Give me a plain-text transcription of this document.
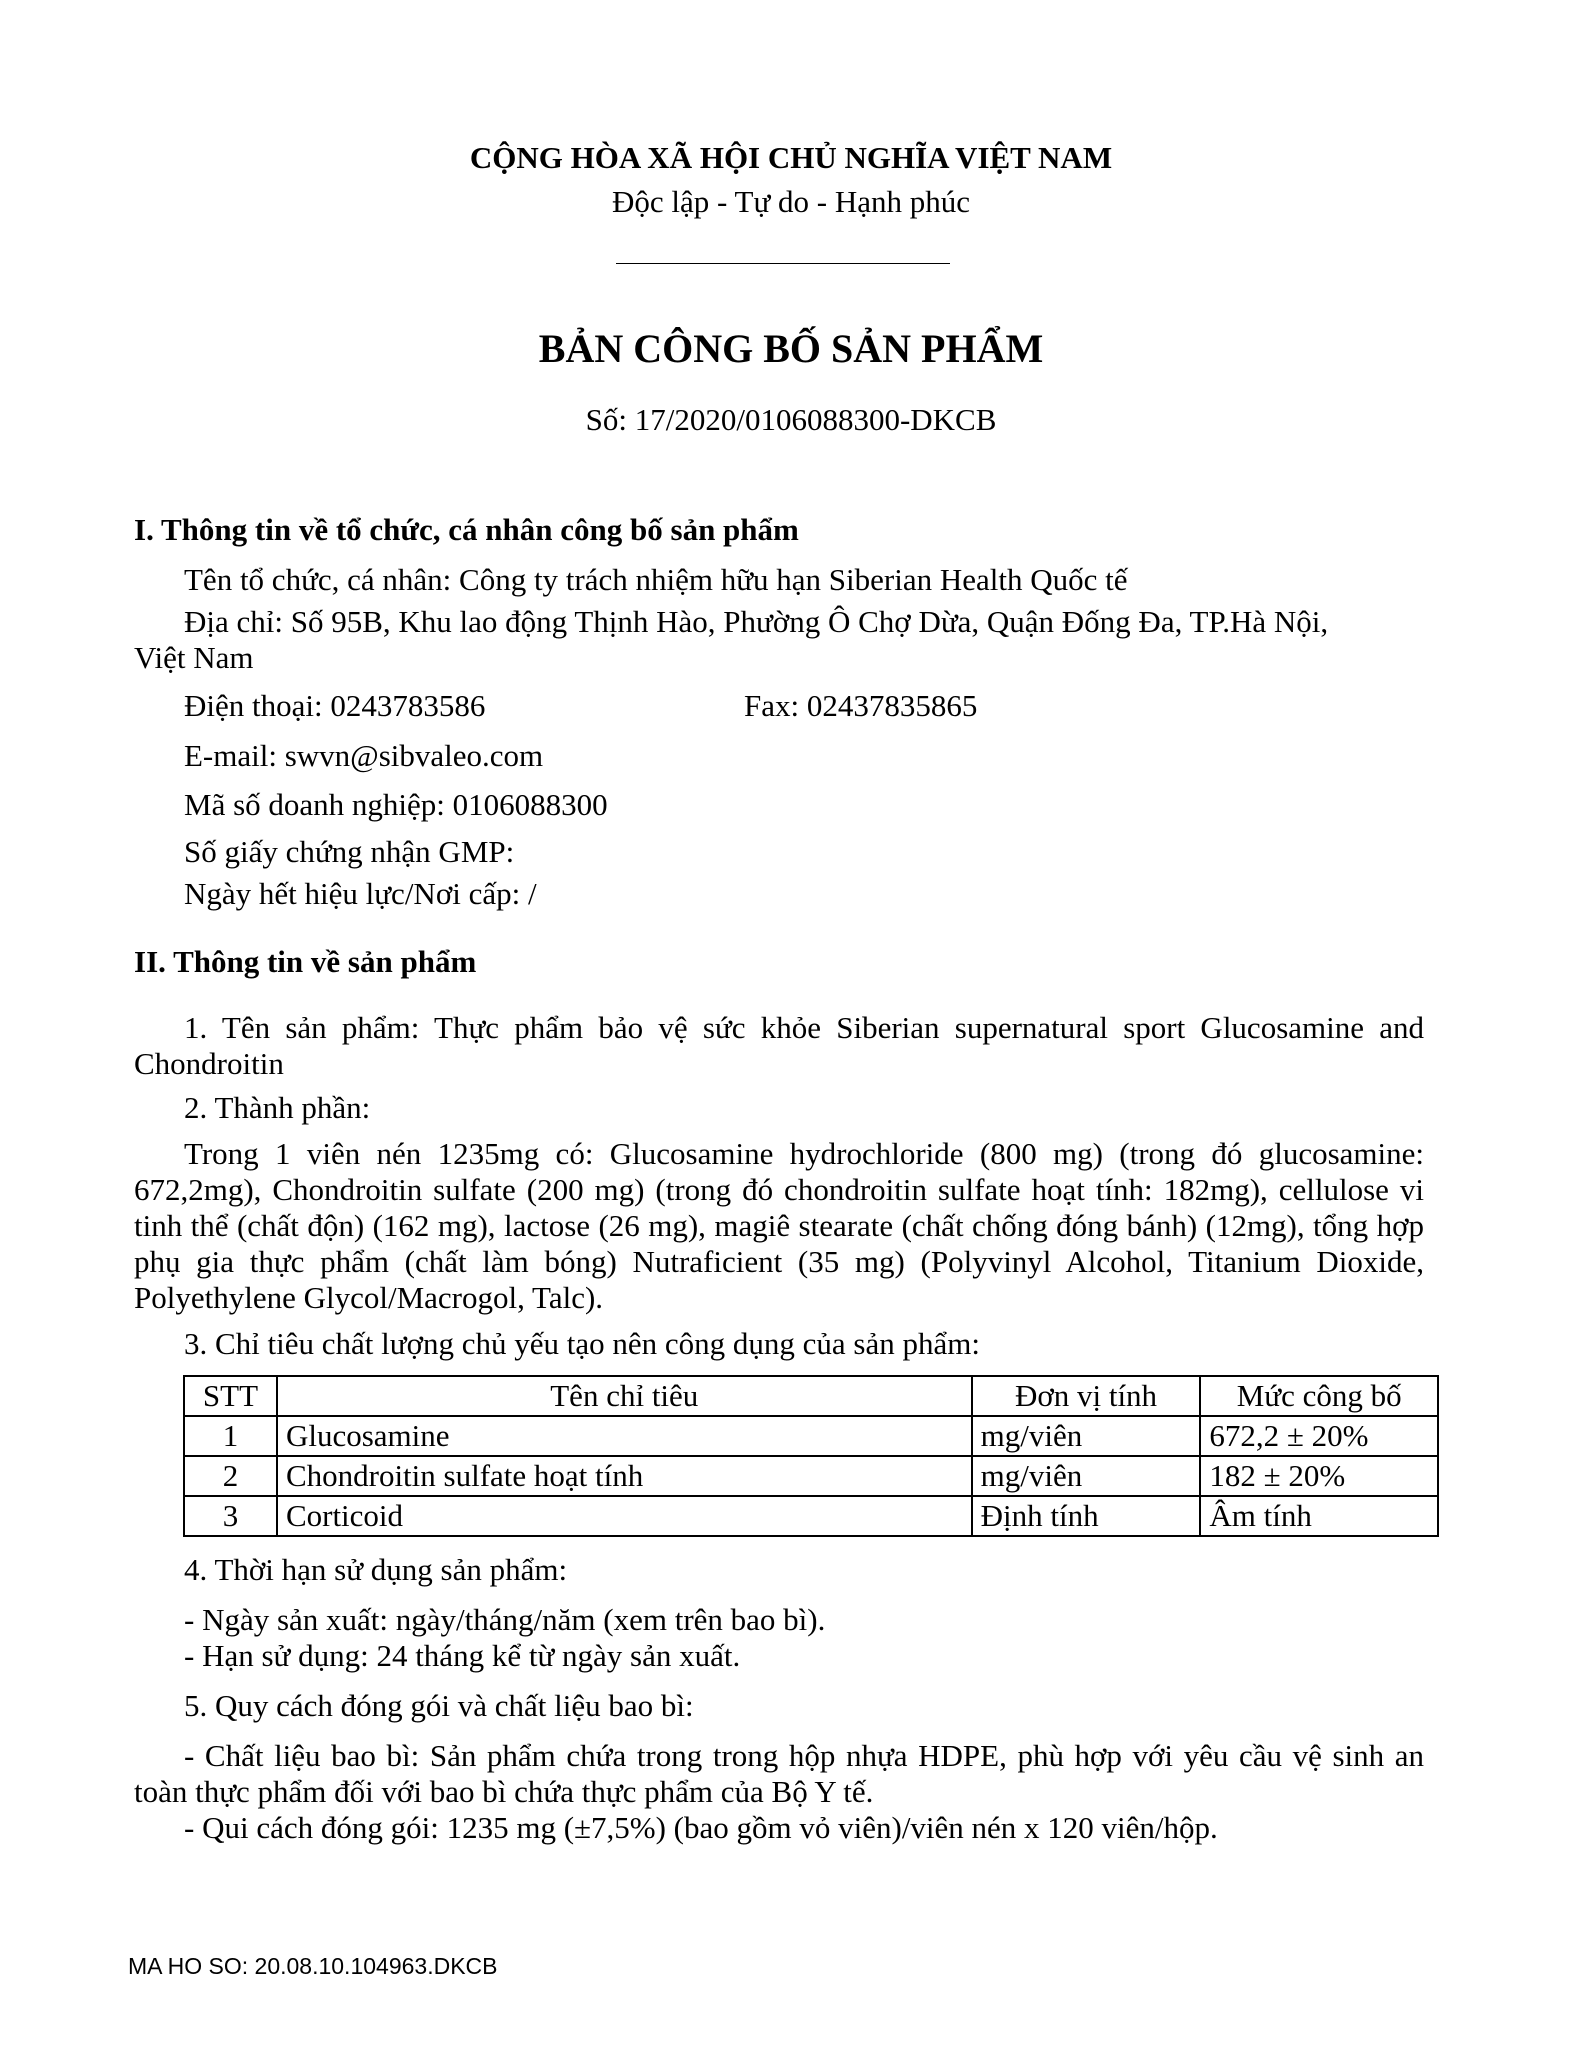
CỘNG HÒA XÃ HỘI CHỦ NGHĨA VIỆT NAM
Độc lập - Tự do - Hạnh phúc
BẢN CÔNG BỐ SẢN PHẨM
Số: 17/2020/0106088300-DKCB
I. Thông tin về tổ chức, cá nhân công bố sản phẩm
Tên tổ chức, cá nhân: Công ty trách nhiệm hữu hạn Siberian Health Quốc tế
Địa chỉ: Số 95B, Khu lao động Thịnh Hào, Phường Ô Chợ Dừa, Quận Đống Đa, TP.Hà Nội,
Việt Nam
Điện thoại: 0243783586	Fax: 02437835865
E-mail: swvn@sibvaleo.com
Mã số doanh nghiệp: 0106088300
Số giấy chứng nhận GMP:
Ngày hết hiệu lực/Nơi cấp: /
II. Thông tin về sản phẩm
1. Tên sản phẩm: Thực phẩm bảo vệ sức khỏe Siberian supernatural sport Glucosamine and Chondroitin
2. Thành phần:
Trong 1 viên nén 1235mg có: Glucosamine hydrochloride (800 mg) (trong đó glucosamine: 672,2mg), Chondroitin sulfate (200 mg) (trong đó chondroitin sulfate hoạt tính: 182mg), cellulose vi tinh thể (chất độn) (162 mg), lactose (26 mg), magiê stearate (chất chống đóng bánh) (12mg), tổng hợp phụ gia thực phẩm (chất làm bóng) Nutraficient (35 mg) (Polyvinyl Alcohol, Titanium Dioxide, Polyethylene Glycol/Macrogol, Talc).
3. Chỉ tiêu chất lượng chủ yếu tạo nên công dụng của sản phẩm:
STT	Tên chỉ tiêu	Đơn vị tính	Mức công bố
1	Glucosamine	mg/viên	672,2 ± 20%
2	Chondroitin sulfate hoạt tính	mg/viên	182 ± 20%
3	Corticoid	Định tính	Âm tính
4. Thời hạn sử dụng sản phẩm:
- Ngày sản xuất: ngày/tháng/năm (xem trên bao bì).
- Hạn sử dụng: 24 tháng kể từ ngày sản xuất.
5. Quy cách đóng gói và chất liệu bao bì:
- Chất liệu bao bì: Sản phẩm chứa trong trong hộp nhựa HDPE, phù hợp với yêu cầu vệ sinh an toàn thực phẩm đối với bao bì chứa thực phẩm của Bộ Y tế.
- Qui cách đóng gói: 1235 mg (±7,5%) (bao gồm vỏ viên)/viên nén x 120 viên/hộp.
MA HO SO: 20.08.10.104963.DKCB
